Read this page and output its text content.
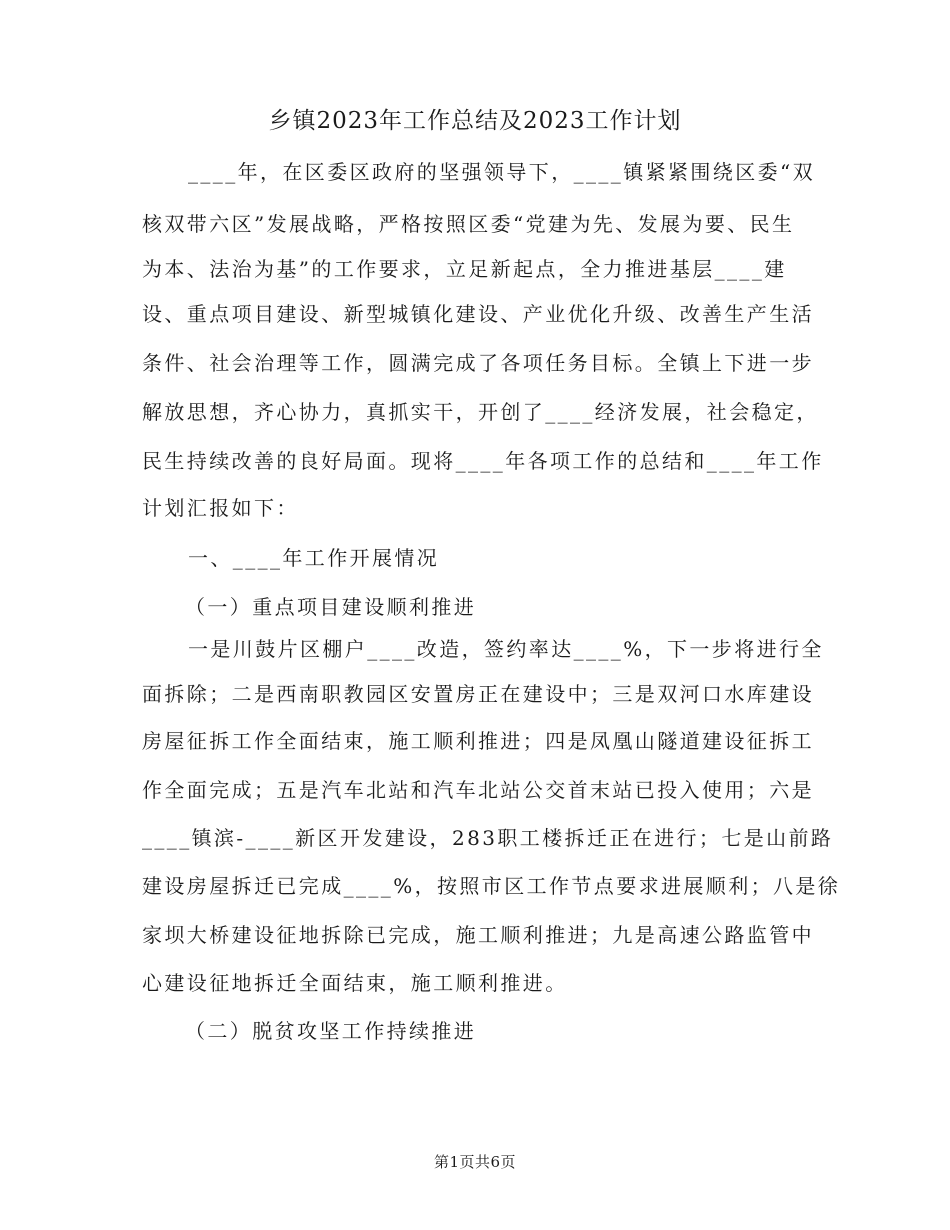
乡镇2023年工作总结及2023工作计划
____年，在区委区政府的坚强领导下，____镇紧紧围绕区委“双
核双带六区”发展战略，严格按照区委“党建为先、发展为要、民生
为本、法治为基”的工作要求，立足新起点，全力推进基层____建
设、重点项目建设、新型城镇化建设、产业优化升级、改善生产生活
条件、社会治理等工作，圆满完成了各项任务目标。全镇上下进一步
解放思想，齐心协力，真抓实干，开创了____经济发展，社会稳定，
民生持续改善的良好局面。现将____年各项工作的总结和____年工作
计划汇报如下：
一、____年工作开展情况
（一）重点项目建设顺利推进
一是川鼓片区棚户____改造，签约率达____%，下一步将进行全
面拆除；二是西南职教园区安置房正在建设中；三是双河口水库建设
房屋征拆工作全面结束，施工顺利推进；四是凤凰山隧道建设征拆工
作全面完成；五是汽车北站和汽车北站公交首末站已投入使用；六是
____镇滨-____新区开发建设，283职工楼拆迁正在进行；七是山前路
建设房屋拆迁已完成____%，按照市区工作节点要求进展顺利；八是徐
家坝大桥建设征地拆除已完成，施工顺利推进；九是高速公路监管中
心建设征地拆迁全面结束，施工顺利推进。
（二）脱贫攻坚工作持续推进
第1页共6页
